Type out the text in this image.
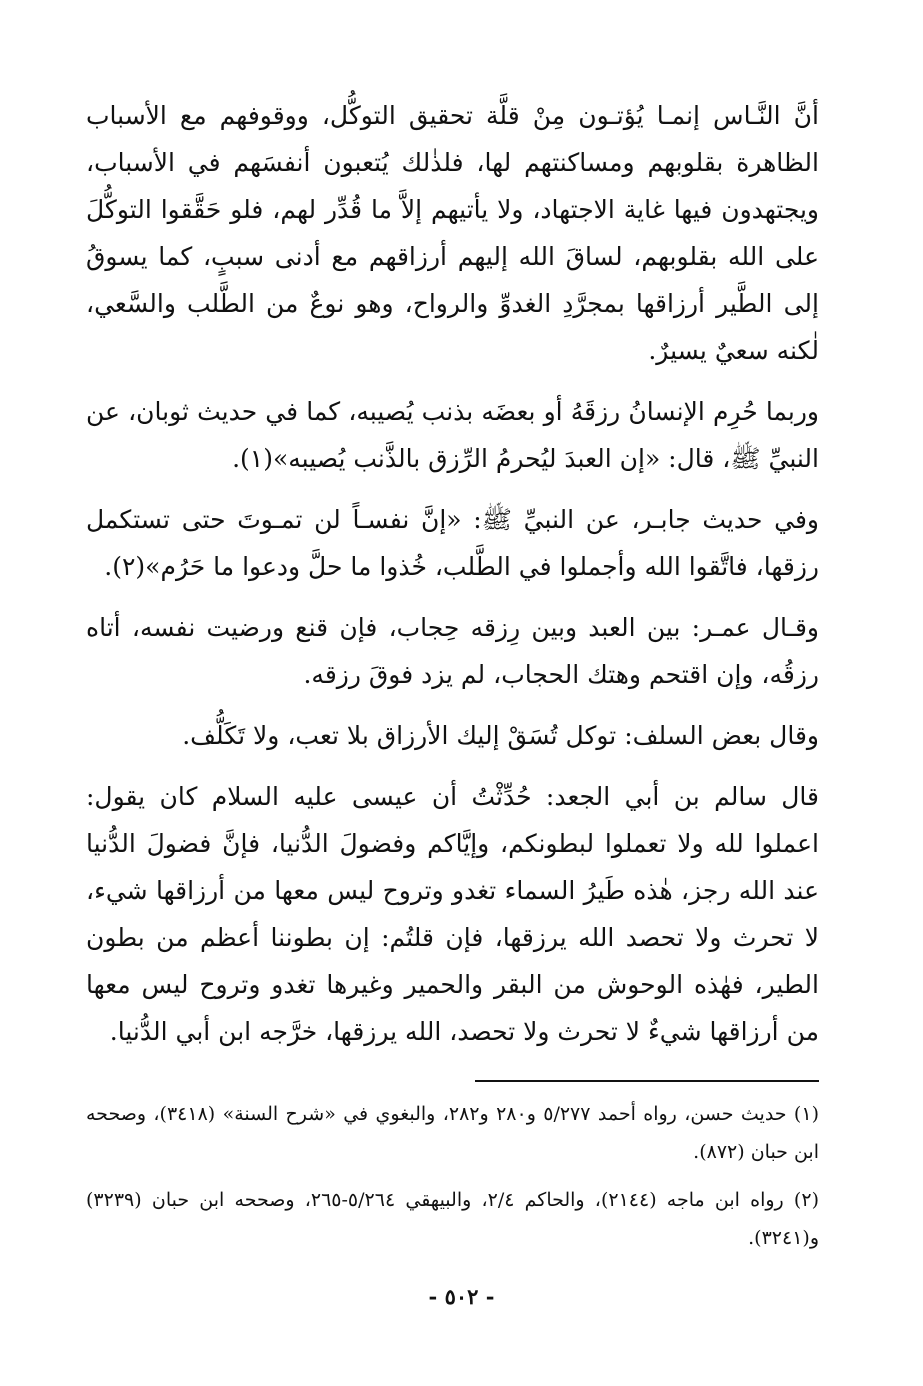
أنَّ النَّـاس إنمـا يُؤتـون مِنْ قلَّة تحقيق التوكُّل، ووقوفهم مع الأسباب الظاهرة بقلوبهم ومساكنتهم لها، فلذٰلك يُتعبون أنفسَهم في الأسباب، ويجتهدون فيها غاية الاجتهاد، ولا يأتيهم إلاَّ ما قُدِّر لهم، فلو حَقَّقوا التوكُّلَ على الله بقلوبهم، لساقَ الله إليهم أرزاقهم مع أدنى سببٍ، كما يسوقُ إلى الطَّير أرزاقها بمجرَّدِ الغدوِّ والرواح، وهو نوعٌ من الطَّلب والسَّعي، لٰكنه سعيٌ يسيرٌ.

وربما حُرِم الإنسانُ رزقَهُ أو بعضَه بذنب يُصيبه، كما في حديث ثوبان، عن النبيِّ ﷺ، قال: «إن العبدَ ليُحرمُ الرِّزق بالذَّنب يُصيبه»(١).

وفي حديث جابـر، عن النبيِّ ﷺ: «إنَّ نفسـاً لن تمـوتَ حتى تستكمل رزقها، فاتَّقوا الله وأجملوا في الطَّلب، خُذوا ما حلَّ ودعوا ما حَرُم»(٢).

وقـال عمـر: بين العبد وبين رِزقه حِجاب، فإن قنع ورضيت نفسه، أتاه رزقُه، وإن اقتحم وهتك الحجاب، لم يزد فوقَ رزقه.

وقال بعض السلف: توكل تُسَقْ إليك الأرزاق بلا تعب، ولا تَكَلُّف.

قال سالم بن أبي الجعد: حُدِّثْتُ أن عيسى عليه السلام كان يقول: اعملوا لله ولا تعملوا لبطونكم، وإيَّاكم وفضولَ الدُّنيا، فإنَّ فضولَ الدُّنيا عند الله رجز، هٰذه طَيرُ السماء تغدو وتروح ليس معها من أرزاقها شيء، لا تحرث ولا تحصد الله يرزقها، فإن قلتُم: إن بطوننا أعظم من بطون الطير، فهٰذه الوحوش من البقر والحمير وغيرها تغدو وتروح ليس معها من أرزاقها شيءٌ لا تحرث ولا تحصد، الله يرزقها، خرَّجه ابن أبي الدُّنيا.

(١) حديث حسن، رواه أحمد ٥/٢٧٧ و٢٨٠ و٢٨٢، والبغوي في «شرح السنة» (٣٤١٨)، وصححه ابن حبان (٨٧٢).

(٢) رواه ابن ماجه (٢١٤٤)، والحاكم ٢/٤، والبيهقي ٥/٢٦٤-٢٦٥، وصححه ابن حبان (٣٢٣٩) و(٣٢٤١).

- ٥٠٢ -
